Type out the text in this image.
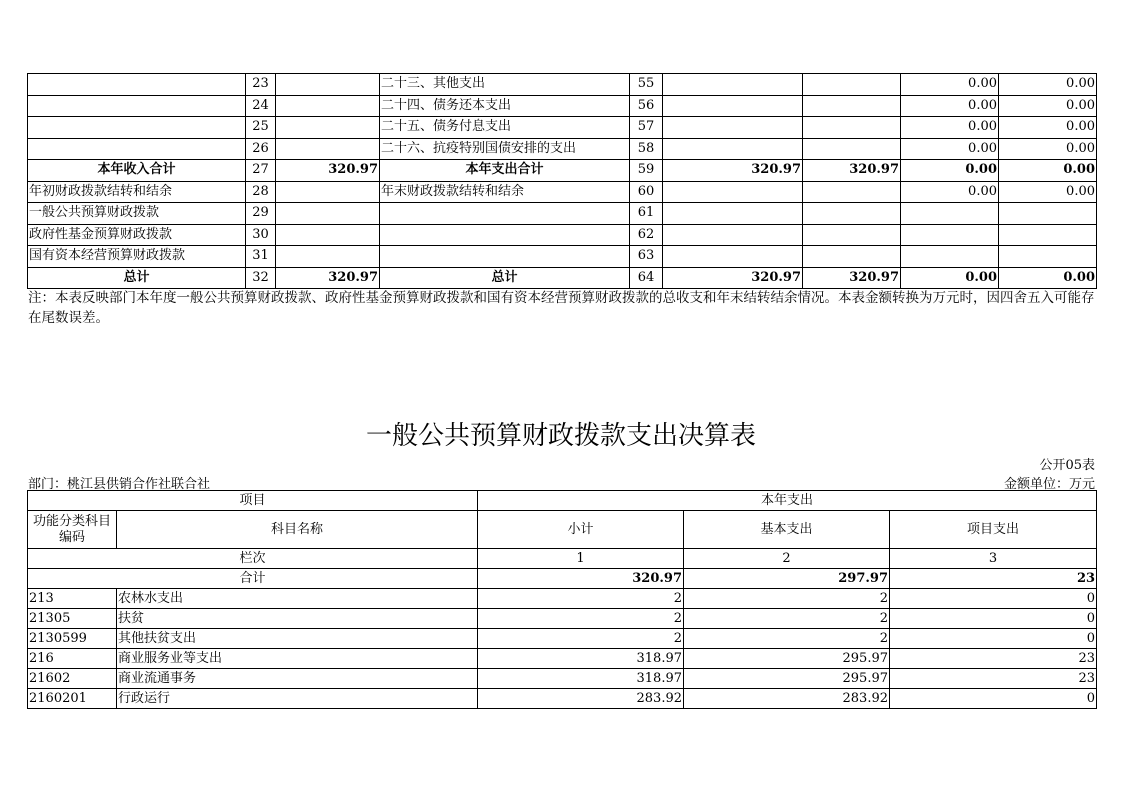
	23		二十三、其他支出	55			0.00	0.00
	24		二十四、债务还本支出	56			0.00	0.00
	25		二十五、债务付息支出	57			0.00	0.00
	26		二十六、抗疫特别国债安排的支出	58			0.00	0.00
本年收入合计	27	320.97	本年支出合计	59	320.97	320.97	0.00	0.00
年初财政拨款结转和结余	28		年末财政拨款结转和结余	60			0.00	0.00
一般公共预算财政拨款	29			61				
政府性基金预算财政拨款	30			62				
国有资本经营预算财政拨款	31			63				
总计	32	320.97	总计	64	320.97	320.97	0.00	0.00
注：本表反映部门本年度一般公共预算财政拨款、政府性基金预算财政拨款和国有资本经营预算财政拨款的总收支和年末结转结余情况。本表金额转换为万元时，因四舍五入可能存在尾数误差。
一般公共预算财政拨款支出决算表
公开05表
部门：桃江县供销合作社联合社	金额单位：万元
项目		本年支出		
功能分类科目编码	科目名称	小计	基本支出	项目支出
栏次		1	2	3
合计		320.97	297.97	23
213	农林水支出	2	2	0
21305	扶贫	2	2	0
2130599	其他扶贫支出	2	2	0
216	商业服务业等支出	318.97	295.97	23
21602	商业流通事务	318.97	295.97	23
2160201	行政运行	283.92	283.92	0
